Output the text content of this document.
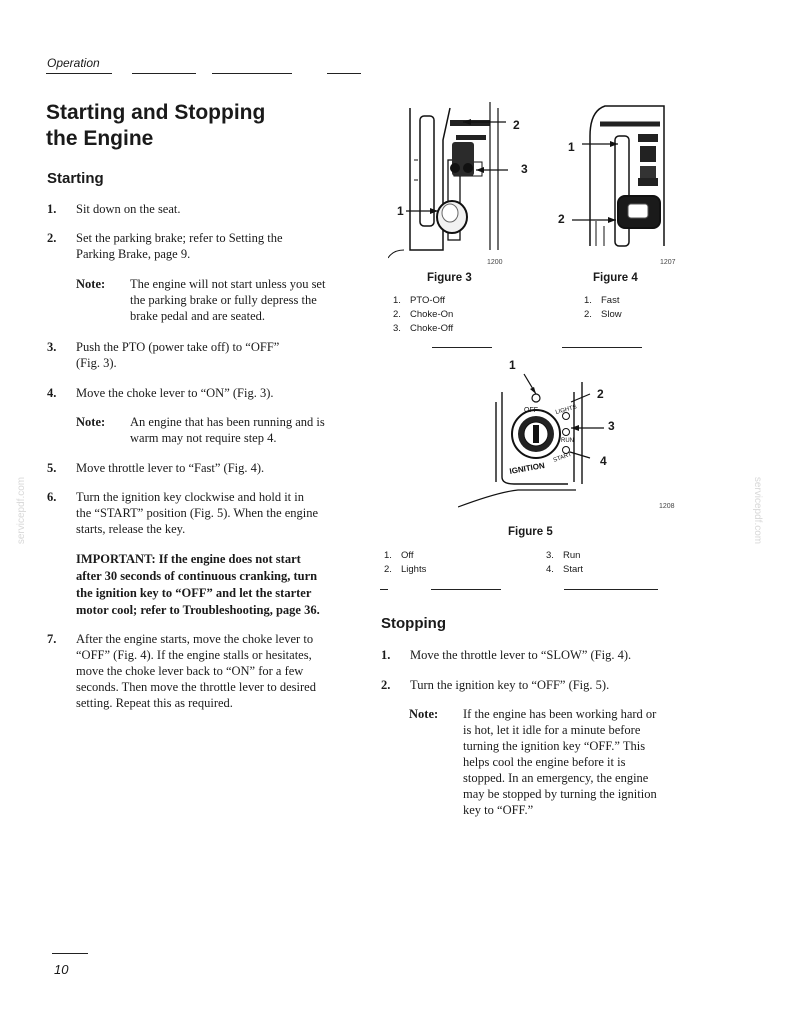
Operation
Starting and Stopping
the Engine
Starting
1. Sit down on the seat.
2. Set the parking brake; refer to Setting the
Parking Brake, page 9.
Note: The engine will not start unless you set
the parking brake or fully depress the
brake pedal and are seated.
3. Push the PTO (power take off) to “OFF”
(Fig. 3).
4. Move the choke lever to “ON” (Fig. 3).
Note: An engine that has been running and is
warm may not require step 4.
5. Move throttle lever to “Fast” (Fig. 4).
6. Turn the ignition key clockwise and hold it in
the “START” position (Fig. 5). When the engine
starts, release the key.
IMPORTANT: If the engine does not start
after 30 seconds of continuous cranking, turn
the ignition key to “OFF” and let the starter
motor cool; refer to Troubleshooting, page 36.
7. After the engine starts, move the choke lever to
“OFF” (Fig. 4). If the engine stalls or hesitates,
move the choke lever back to “ON” for a few
seconds. Then move the throttle lever to desired
setting. Repeat this as required.
1
2
3
1200
1
2
1207
Figure 3
1. PTO-Off
2. Choke-On
3. Choke-Off
Figure 4
1. Fast
2. Slow
OFF	LIGHTS
RUN
START
IGNITION
1
2
3
4
1208
Figure 5
1. Off
2. Lights
3. Run
4. Start
Stopping
1. Move the throttle lever to “SLOW” (Fig. 4).
2. Turn the ignition key to “OFF” (Fig. 5).
Note: If the engine has been working hard or
is hot, let it idle for a minute before
turning the ignition key “OFF.” This
helps cool the engine before it is
stopped. In an emergency, the engine
may be stopped by turning the ignition
key to “OFF.”
servicepdf.com	servicepdf.com
10
